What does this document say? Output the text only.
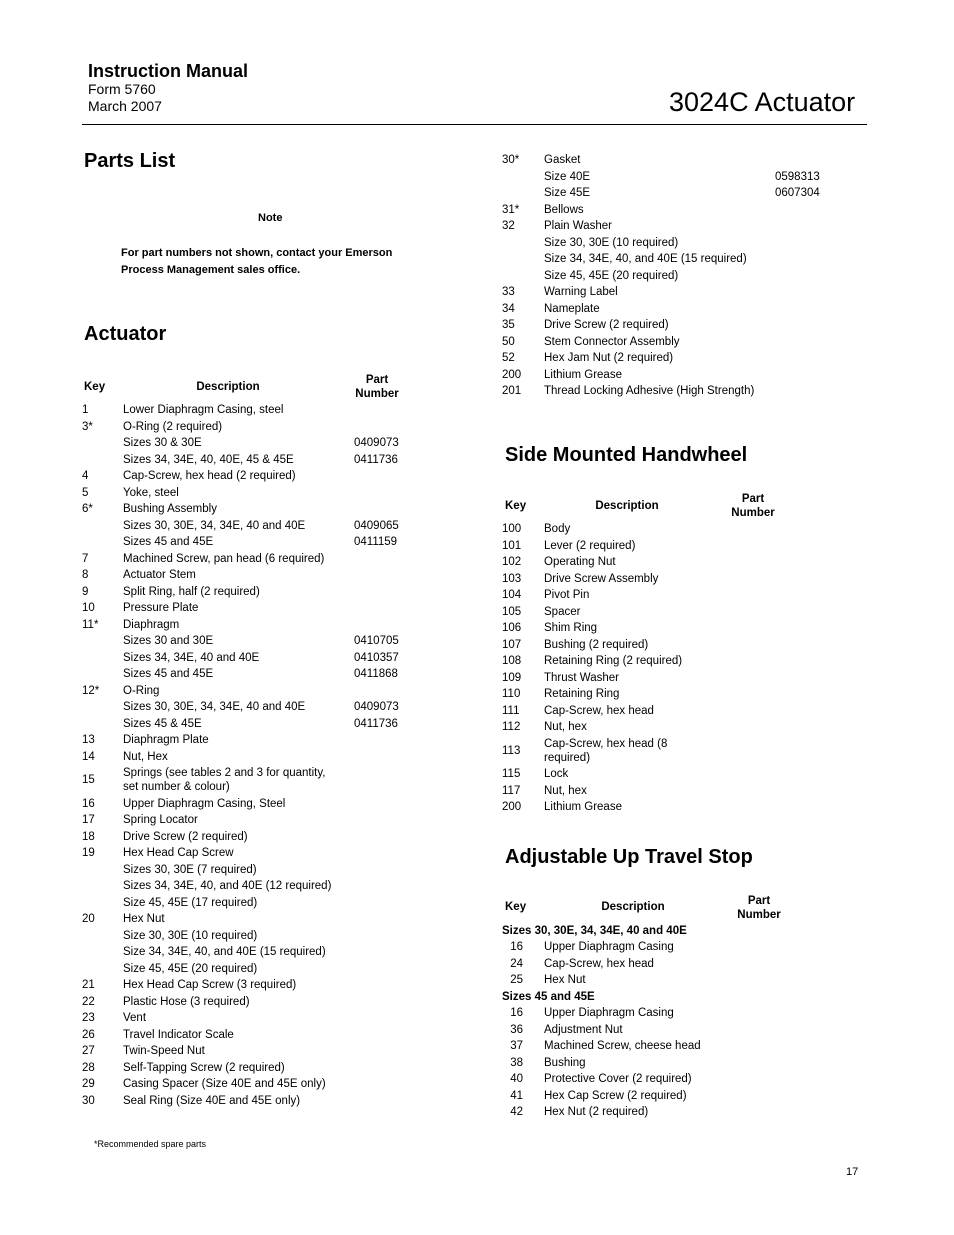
Instruction Manual
Form 5760
March 2007	3024C Actuator
Parts List
Note
For part numbers not shown, contact your Emerson Process Management sales office.
Actuator
Key	Description
Part Number
1	Lower Diaphragm Casing, steel
3*	O-Ring (2 required)
Sizes 30 & 30E	0409073
Sizes 34, 34E, 40, 40E, 45 & 45E	0411736
4	Cap-Screw, hex head (2 required)
5	Yoke, steel
6*	Bushing Assembly
Sizes 30, 30E, 34, 34E, 40 and 40E	0409065
Sizes 45 and 45E	0411159
7	Machined Screw, pan head (6 required)
8	Actuator Stem
9	Split Ring, half (2 required)
10 Pressure Plate
11* Diaphragm
Sizes 30 and 30E	0410705
Sizes 34, 34E, 40 and 40E	0410357
Sizes 45 and 45E	0411868
12* O-Ring
Sizes 30, 30E, 34, 34E, 40 and 40E	0409073
Sizes 45 & 45E	0411736
13 Diaphragm Plate
14 Nut, Hex
15
Springs (see tables 2 and 3 for quantity, set number & colour)
16 Upper Diaphragm Casing, Steel
17 Spring Locator
18 Drive Screw (2 required)
19 Hex Head Cap Screw
Sizes 30, 30E (7 required)
Sizes 34, 34E, 40, and 40E (12 required)
Size 45, 45E (17 required)
20 Hex Nut
Size 30, 30E (10 required)
Size 34, 34E, 40, and 40E (15 required)
Size 45, 45E (20 required)
21 Hex Head Cap Screw (3 required)
22 Plastic Hose (3 required)
23 Vent
26 Travel Indicator Scale
27 Twin-Speed Nut
28 Self-Tapping Screw (2 required)
29 Casing Spacer (Size 40E and 45E only)
30 Seal Ring (Size 40E and 45E only)
30* Gasket
Size 40E	0598313
Size 45E	0607304
31* Bellows
32	Plain Washer
Size 30, 30E (10 required)
Size 34, 34E, 40, and 40E (15 required)
Size 45, 45E (20 required)
33	Warning Label
34	Nameplate
35	Drive Screw (2 required)
50	Stem Connector Assembly
52	Hex Jam Nut (2 required)
200 Lithium Grease
201 Thread Locking Adhesive (High Strength)
Side Mounted Handwheel
Key	Description
Part Number
100 Body
101 Lever (2 required)
102 Operating Nut
103 Drive Screw Assembly
104 Pivot Pin
105 Spacer
106 Shim Ring
107 Bushing (2 required)
108 Retaining Ring (2 required)
109 Thrust Washer
110 Retaining Ring
111 Cap-Screw, hex head
112 Nut, hex
113
Cap-Screw, hex head (8 required)
115 Lock
117 Nut, hex
200 Lithium Grease
Adjustable Up Travel Stop
Key	Description	Part Number
Sizes 30, 30E, 34, 34E, 40 and 40E
16 Upper Diaphragm Casing
24 Cap-Screw, hex head
25 Hex Nut
Sizes 45 and 45E
16 Upper Diaphragm Casing
36 Adjustment Nut
37 Machined Screw, cheese head
38 Bushing
40 Protective Cover (2 required)
41 Hex Cap Screw (2 required)
42 Hex Nut (2 required)
*Recommended spare parts
17
